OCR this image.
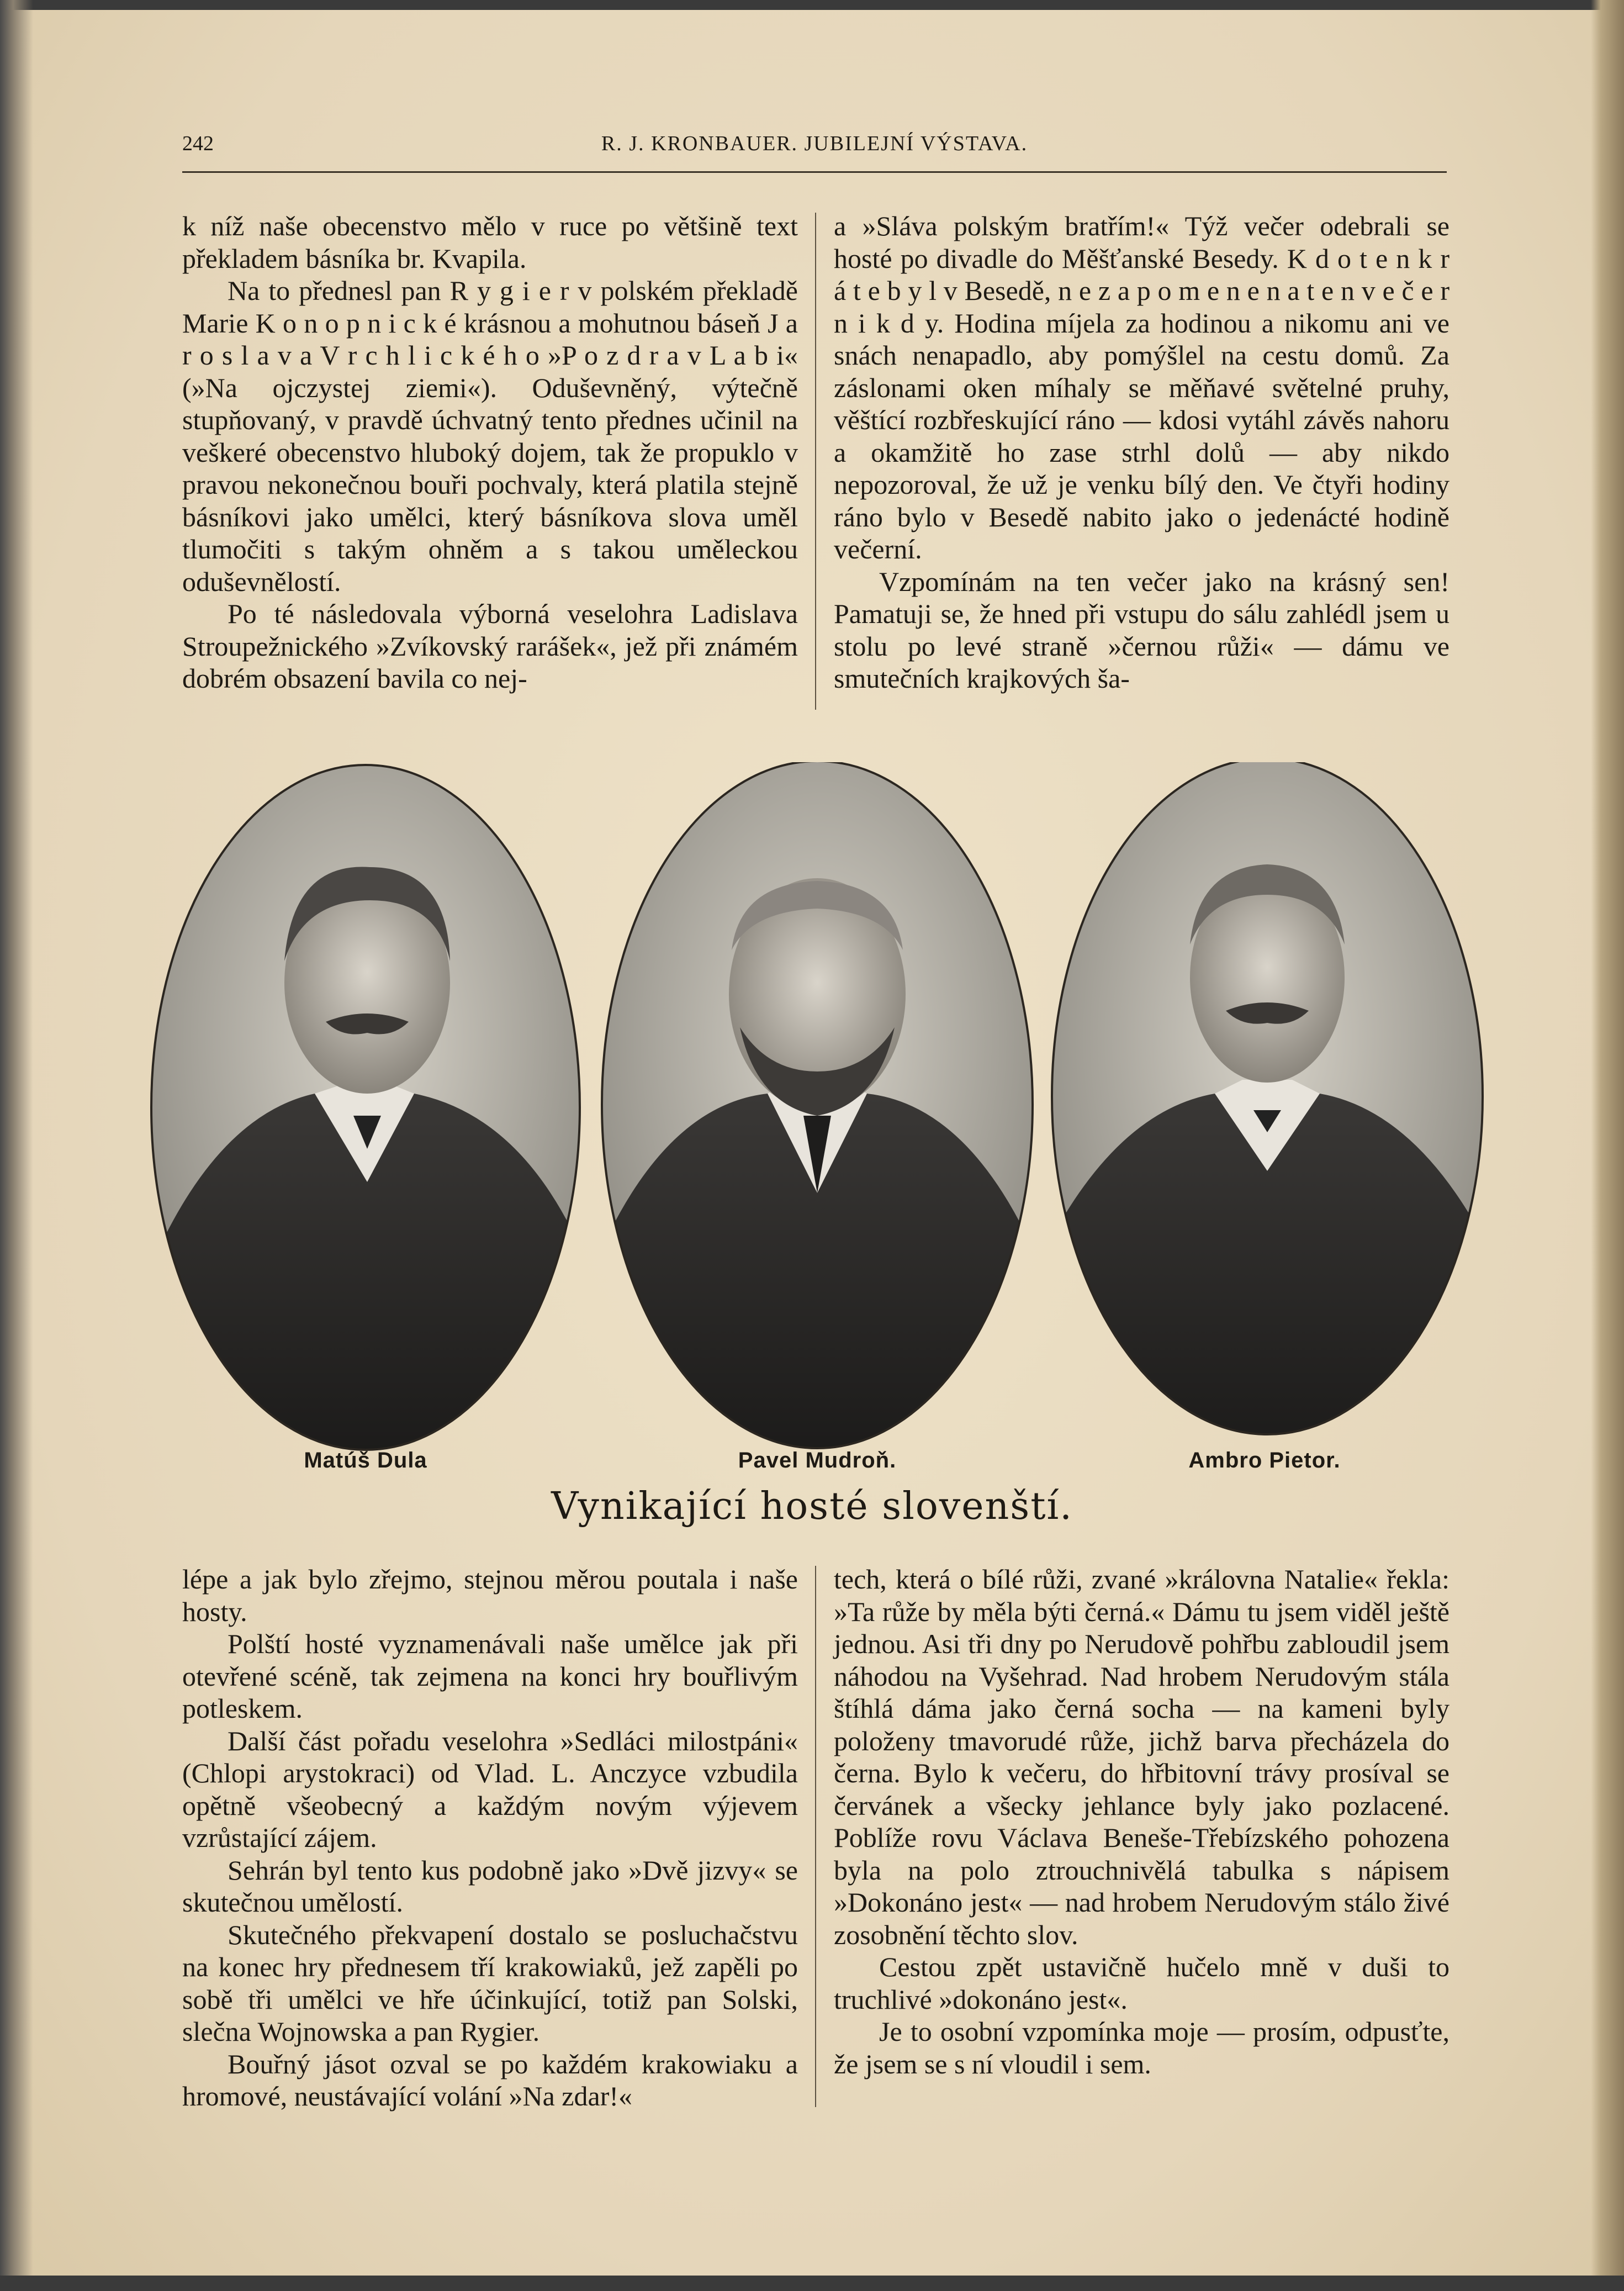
242	R. J. KRONBAUER. JUBILEJNÍ VÝSTAVA.

k níž naše obecenstvo mělo v ruce po většině text překladem básníka br. Kvapila.

Na to přednesl pan R y g i e r v polském překladě Marie K o n o p n i c k é krásnou a mohutnou báseň J a r o s l a v a V r c h l i c k é h o »P o z d r a v L a b i« (»Na ojczystej ziemi«). Oduševněný, výtečně stupňovaný, v pravdě úchvatný tento přednes učinil na veškeré obecenstvo hluboký dojem, tak že propuklo v pravou nekonečnou bouři pochvaly, která platila stejně básníkovi jako umělci, který básníkova slova uměl tlumočiti s takým ohněm a s takou uměleckou oduševnělostí.

Po té následovala výborná veselohra Ladislava Stroupežnického »Zvíkovský rarášek«, jež při známém dobrém obsazení bavila co nej-

a »Sláva polským bratřím!« Týž večer odebrali se hosté po divadle do Měšťanské Besedy. K d o t e n k r á t e b y l v Besedě, n e z a p o m e n e n a t e n v e č e r n i k d y. Hodina míjela za hodinou a nikomu ani ve snách nenapadlo, aby pomýšlel na cestu domů. Za záslonami oken míhaly se měňavé světelné pruhy, věštící rozbřeskující ráno — kdosi vytáhl závěs nahoru a okamžitě ho zase strhl dolů — aby nikdo nepozoroval, že už je venku bílý den. Ve čtyři hodiny ráno bylo v Besedě nabito jako o jedenácté hodině večerní.

Vzpomínám na ten večer jako na krásný sen! Pamatuji se, že hned při vstupu do sálu zahlédl jsem u stolu po levé straně »černou růži« — dámu ve smutečních krajkových ša-

Matúš Dula	Pavel Mudroň.	Ambro Pietor.
Vynikající hosté slovenští.

lépe a jak bylo zřejmo, stejnou měrou poutala i naše hosty.

Polští hosté vyznamenávali naše umělce jak při otevřené scéně, tak zejmena na konci hry bouřlivým potleskem.

Další část pořadu veselohra »Sedláci milostpáni« (Chlopi arystokraci) od Vlad. L. Anczyce vzbudila opětně všeobecný a každým novým výjevem vzrůstající zájem.

Sehrán byl tento kus podobně jako »Dvě jizvy« se skutečnou umělostí.

Skutečného překvapení dostalo se posluchačstvu na konec hry přednesem tří krakowiaků, jež zapěli po sobě tři umělci ve hře účinkující, totiž pan Solski, slečna Wojnowska a pan Rygier.

Bouřný jásot ozval se po každém krakowiaku a hromové, neustávající volání »Na zdar!«

tech, která o bílé růži, zvané »královna Natalie« řekla: »Ta růže by měla býti černá.« Dámu tu jsem viděl ještě jednou. Asi tři dny po Nerudově pohřbu zabloudil jsem náhodou na Vyšehrad. Nad hrobem Nerudovým stála štíhlá dáma jako černá socha — na kameni byly položeny tmavorudé růže, jichž barva přecházela do černa. Bylo k večeru, do hřbitovní trávy prosíval se červánek a všecky jehlance byly jako pozlacené. Poblíže rovu Václava Beneše-Třebízského pohozena byla na polo ztrouchnivělá tabulka s nápisem »Dokonáno jest« — nad hrobem Nerudovým stálo živé zosobnění těchto slov.

Cestou zpět ustavičně hučelo mně v duši to truchlivé »dokonáno jest«.

Je to osobní vzpomínka moje — prosím, odpusťte, že jsem se s ní vloudil i sem.
